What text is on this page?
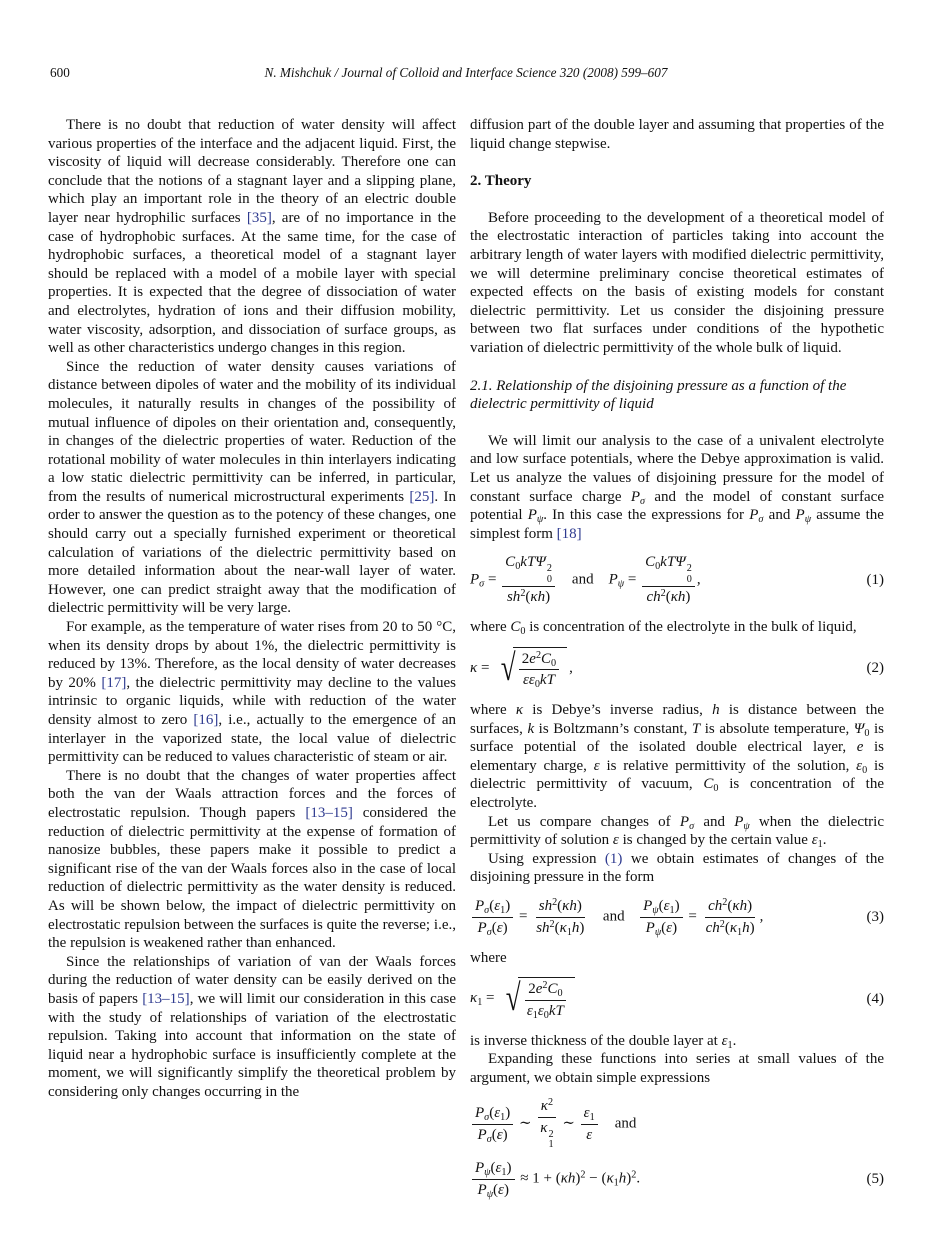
600	N. Mishchuk / Journal of Colloid and Interface Science 320 (2008) 599–607

There is no doubt that reduction of water density will affect various properties of the interface and the adjacent liquid. First, the viscosity of liquid will decrease considerably. Therefore one can conclude that the notions of a stagnant layer and a slipping plane, which play an important role in the theory of an electric double layer near hydrophilic surfaces [35], are of no importance in the case of hydrophobic surfaces. At the same time, for the case of hydrophobic surfaces, a theoretical model of a stagnant layer should be replaced with a model of a mobile layer with special properties. It is expected that the degree of dissociation of water and electrolytes, hydration of ions and their diffusion mobility, water viscosity, adsorption, and dissociation of surface groups, as well as other characteristics undergo changes in this region.

Since the reduction of water density causes variations of distance between dipoles of water and the mobility of its individual molecules, it naturally results in changes of the possibility of mutual influence of dipoles on their orientation and, consequently, in changes of the dielectric properties of water. Reduction of the rotational mobility of water molecules in thin interlayers indicating a low static dielectric permittivity can be inferred, in particular, from the results of numerical microstructural experiments [25]. In order to answer the question as to the potency of these changes, one should carry out a specially furnished experiment or theoretical calculation of variations of the dielectric permittivity based on more detailed information about the near-wall layer of water. However, one can predict straight away that the modification of dielectric permittivity will be very large.

For example, as the temperature of water rises from 20 to 50 °C, when its density drops by about 1%, the dielectric permittivity is reduced by 13%. Therefore, as the local density of water decreases by 20% [17], the dielectric permittivity may decline to the values intrinsic to organic liquids, while with reduction of the water density almost to zero [16], i.e., actually to the emergence of an interlayer in the vaporized state, the local value of dielectric permittivity can be reduced to values characteristic of steam or air.

There is no doubt that the changes of water properties affect both the van der Waals attraction forces and the forces of electrostatic repulsion. Though papers [13–15] considered the reduction of dielectric permittivity at the expense of formation of nanosize bubbles, these papers make it possible to predict a significant rise of the van der Waals forces also in the case of local reduction of dielectric permittivity as the water density is reduced. As will be shown below, the impact of dielectric permittivity on electrostatic repulsion between the surfaces is quite the reverse; i.e., the repulsion is weakened rather than enhanced.

Since the relationships of variation of van der Waals forces during the reduction of water density can be easily derived on the basis of papers [13–15], we will limit our consideration in this case with the study of relationships of variation of the electrostatic repulsion. Taking into account that information on the state of liquid near a hydrophobic surface is insufficiently complete at the moment, we will significantly simplify the theoretical problem by considering only changes occurring in the

diffusion part of the double layer and assuming that properties of the liquid change stepwise.

2. Theory

Before proceeding to the development of a theoretical model of the electrostatic interaction of particles taking into account the arbitrary length of water layers with modified dielectric permittivity, we will determine preliminary concise theoretical estimates of expected effects on the basis of existing models for constant dielectric permittivity. Let us consider the disjoining pressure between two flat surfaces under conditions of the hypothetic variation of dielectric permittivity of the whole bulk of liquid.

2.1. Relationship of the disjoining pressure as a function of the dielectric permittivity of liquid

We will limit our analysis to the case of a univalent electrolyte and low surface potentials, where the Debye approximation is valid. Let us analyze the values of disjoining pressure for the model of constant surface charge $P_\sigma$ and the model of constant surface potential $P_\psi$. In this case the expressions for $P_\sigma$ and $P_\psi$ assume the simplest form [18]

$P_\sigma = C_0kT\Psi$ 2
0
$sh^2(\kappa h)$ and $P_\psi = C_0kT\Psi$ 2
0
$ch^2(\kappa h)$ ,	(1)

where $C_0$ is concentration of the electrolyte in the bulk of liquid,

κ = √ $\frac{2e^2C_0}{\varepsilon\varepsilon_0kT}$ ,	(2)

where κ is Debye’s inverse radius, h is distance between the surfaces, k is Boltzmann’s constant, T is absolute temperature, $\Psi_0$ is surface potential of the isolated double electrical layer, e is elementary charge, ε is relative permittivity of the solution, $\varepsilon_0$ is dielectric permittivity of vacuum, $C_0$ is concentration of the electrolyte.

Let us compare changes of $P_\sigma$ and $P_\psi$ when the dielectric permittivity of solution ε is changed by the certain value $\varepsilon_1$.

Using expression (1) we obtain estimates of changes of the disjoining pressure in the form

$\frac{P_\sigma(\varepsilon_1)}{P_\sigma(\varepsilon)} = \frac{sh^2(\kappa h)}{sh^2(\kappa_1h)}$ and $\frac{P_\psi(\varepsilon_1)}{P_\psi(\varepsilon)} = \frac{ch^2(\kappa h)}{ch^2(\kappa_1h)}$ ,	(3)

where

$\kappa_1$ = √ $\frac{2e^2C_0}{\varepsilon_1\varepsilon_0kT}$	(4)

is inverse thickness of the double layer at $\varepsilon_1$.

Expanding these functions into series at small values of the argument, we obtain simple expressions

$\frac{P_\sigma(\varepsilon_1)}{P_\sigma(\varepsilon)}$ ∼ $\kappa^2$
κ 2
1 ∼ $\frac{\varepsilon_1}{\varepsilon}$ and
$\frac{P_\psi(\varepsilon_1)}{P_\psi(\varepsilon)} \approx 1 + (\kappa h)^2 - (\kappa_1h)^2$.	(5)
